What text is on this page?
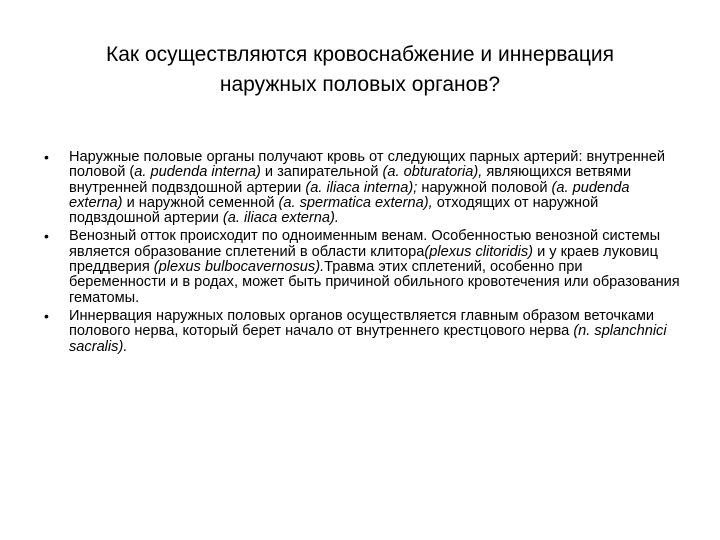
Как осуществляются кровоснабжение и иннервация
наружных половых органов?
• Наружные половые органы получают кровь от следующих парных артерий: внутренней половой (a. pudenda interna) и запирательной (a. obturatoria), являющихся ветвями внутренней подвздошной артерии (a. iliaca interna); наружной половой (a. pudenda externa) и наружной семенной (a. spermatica externa), отходящих от наружной подвздошной артерии (a. iliaca externa).
• Венозный отток происходит по одноименным венам. Особенностью венозной системы является образование сплетений в области клитора(plexus clitoridis) и у краев луковиц преддверия (plexus bulbocavernosus).Травма этих сплетений, особенно при беременности и в родах, может быть причиной обильного кровотечения или образования гематомы.
• Иннервация наружных половых органов осуществляется главным образом веточками полового нерва, который берет начало от внутреннего крестцового нерва (n. splanchnici sacralis).
